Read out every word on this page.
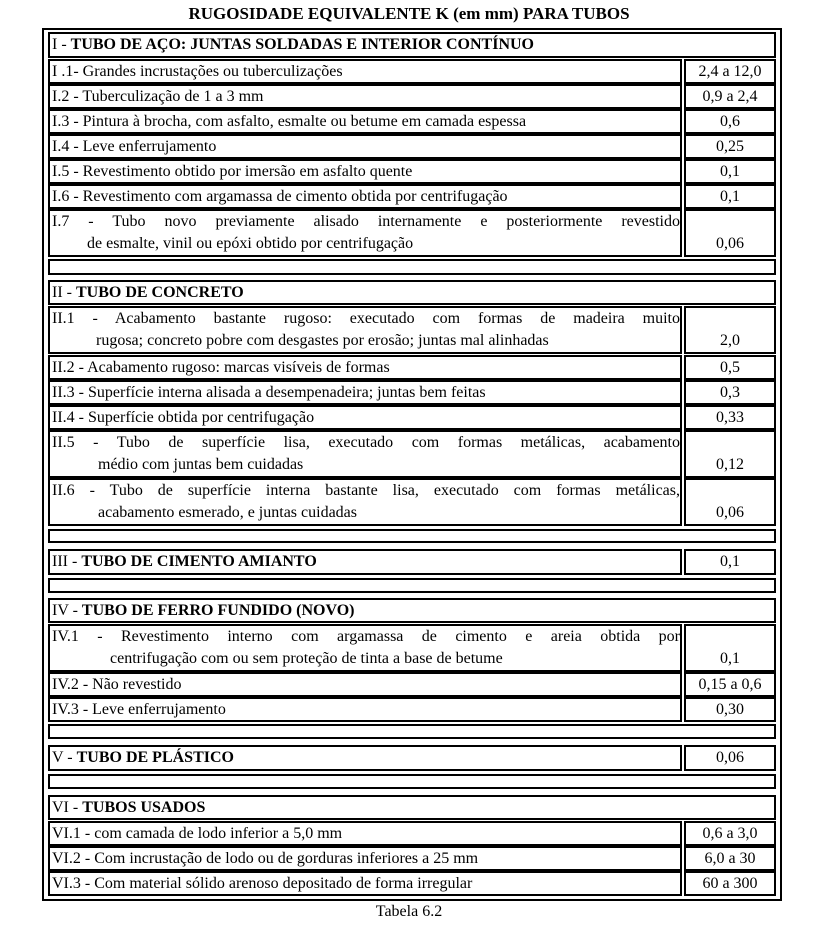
RUGOSIDADE EQUIVALENTE K (em mm) PARA TUBOS
I - TUBO DE AÇO: JUNTAS SOLDADAS E INTERIOR CONTÍNUO
I .1- Grandes incrustações ou tuberculizações	2,4 a 12,0
I.2 - Tuberculização de 1 a 3 mm	0,9 a 2,4
I.3 - Pintura à brocha, com asfalto, esmalte ou betume em camada espessa	0,6
I.4 - Leve enferrujamento	0,25
I.5 - Revestimento obtido por imersão em asfalto quente	0,1
I.6 - Revestimento com argamassa de cimento obtida por centrifugação	0,1
I.7 - Tubo novo previamente alisado internamente e posteriormente revestido
de esmalte, vinil ou epóxi obtido por centrifugação	0,06
II - TUBO DE CONCRETO
II.1 - Acabamento bastante rugoso: executado com formas de madeira muito
rugosa; concreto pobre com desgastes por erosão; juntas mal alinhadas	2,0
II.2 - Acabamento rugoso: marcas visíveis de formas	0,5
II.3 - Superfície interna alisada a desempenadeira; juntas bem feitas	0,3
II.4 - Superfície obtida por centrifugação	0,33
II.5 - Tubo de superfície lisa, executado com formas metálicas, acabamento
médio com juntas bem cuidadas	0,12
II.6 - Tubo de superfície interna bastante lisa, executado com formas metálicas,
acabamento esmerado, e juntas cuidadas	0,06
III - TUBO DE CIMENTO AMIANTO	0,1
IV - TUBO DE FERRO FUNDIDO (NOVO)
IV.1 - Revestimento interno com argamassa de cimento e areia obtida por
centrifugação com ou sem proteção de tinta a base de betume	0,1
IV.2 - Não revestido	0,15 a 0,6
IV.3 - Leve enferrujamento	0,30
V - TUBO DE PLÁSTICO	0,06
VI - TUBOS USADOS
VI.1 - com camada de lodo inferior a 5,0 mm	0,6 a 3,0
VI.2 - Com incrustação de lodo ou de gorduras inferiores a 25 mm	6,0 a 30
VI.3 - Com material sólido arenoso depositado de forma irregular	60 a 300
Tabela 6.2
